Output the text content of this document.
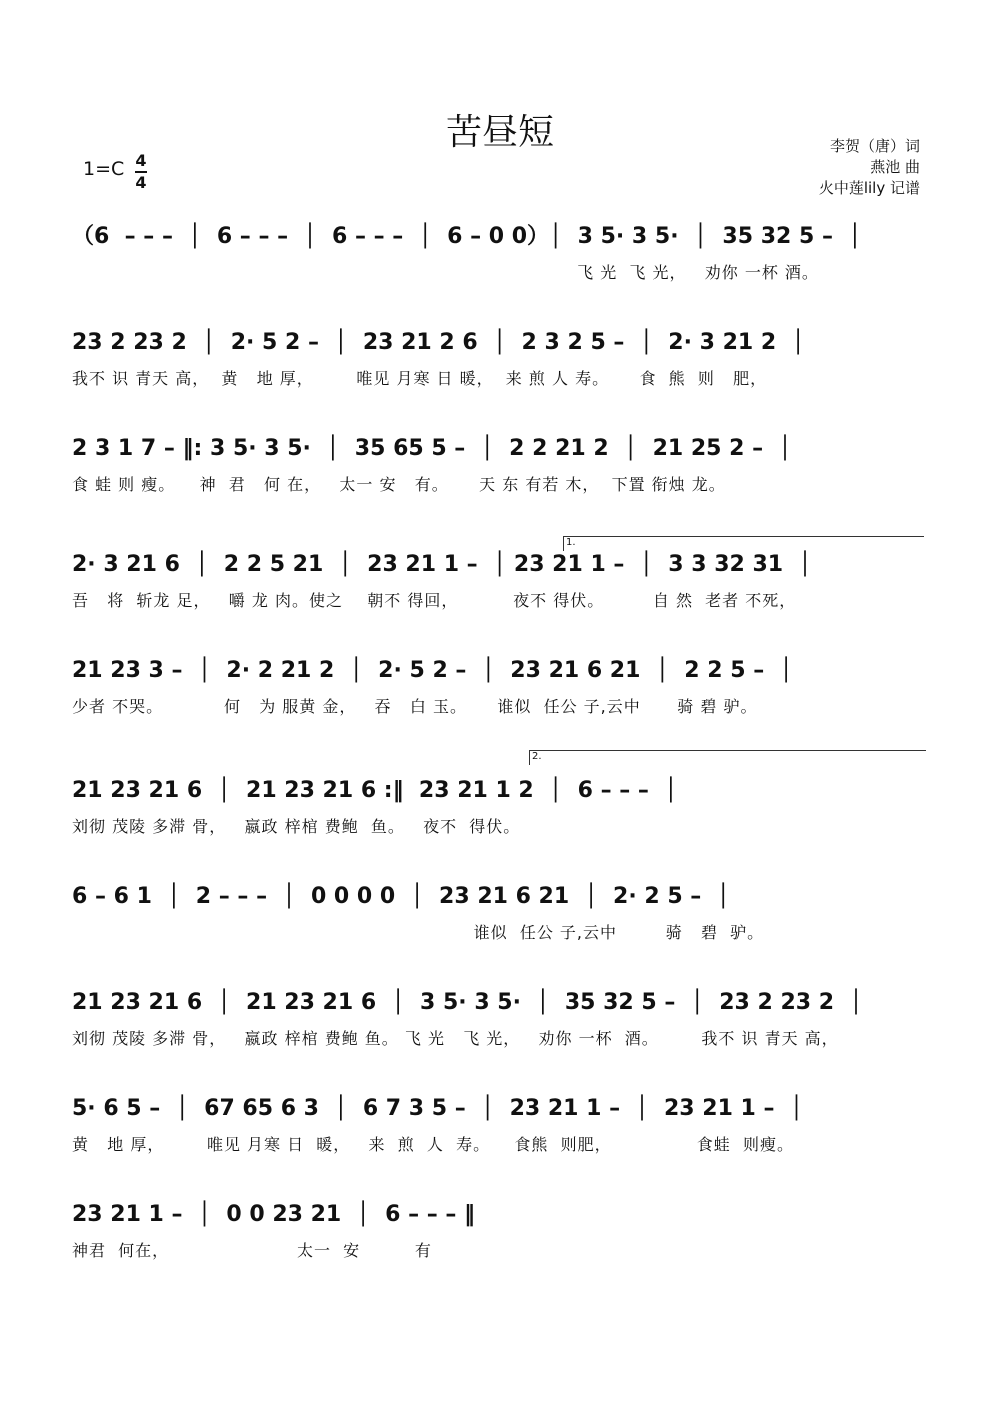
苦昼短	李贺（唐）词
燕池 曲
火中莲lily 记谱
1=C 4
4
1.
2.
（6  – – –  │  6 – – –  │  6 – – –  │  6 – 0 0）│  3 5· 3 5·  │  35 32 5 –  │
飞 光  飞 光，   劝你 一杯 酒。
23 2 23 2  │  2· 5 2 –  │  23 21 2 6  │  2 3 2 5 –  │  2· 3 21 2  │
我不 识 青天 高，  黄   地 厚，       唯见 月寒 日 暖，  来 煎 人 寿。     食  熊  则   肥，
2 3 1 7 – ‖: 3 5· 3 5·  │  35 65 5 –  │  2 2 21 2  │  21 25 2 –  │
食 蛙 则 瘦。    神  君   何 在，   太一 安   有。     天 东 有若 木，  下置 衔烛 龙。
2· 3 21 6  │  2 2 5 21  │  23 21 1 –  │ 23 21 1 –  │  3 3 32 31  │
吾   将  斩龙 足，   嚼 龙 肉。使之    朝不 得回，         夜不 得伏。        自 然  老者 不死，
21 23 3 –  │  2· 2 21 2  │  2· 5 2 –  │  23 21 6 21  │  2 2 5 –  │
少者 不哭。          何   为 服黄 金，   吞   白 玉。     谁似  任公 子,云中      骑 碧 驴。
21 23 21 6  │  21 23 21 6 :‖  23 21 1 2  │  6 – – –  │
刘彻 茂陵 多滞 骨，   嬴政 梓棺 费鲍  鱼。   夜不  得伏。
6 – 6 1  │  2 – – –  │  0 0 0 0  │  23 21 6 21  │  2· 2 5 –  │
谁似  任公 子,云中        骑   碧  驴。
21 23 21 6  │  21 23 21 6  │  3 5· 3 5·  │  35 32 5 –  │  23 2 23 2  │
刘彻 茂陵 多滞 骨，   嬴政 梓棺 费鲍 鱼。 飞 光   飞 光，   劝你 一杯  酒。       我不 识 青天 高，
5· 6 5 –  │  67 65 6 3  │  6 7 3 5 –  │  23 21 1 –  │  23 21 1 –  │
黄   地 厚，       唯见 月寒 日  暖，   来  煎  人  寿。    食熊  则肥，              食蛙  则瘦。
23 21 1 –  │  0 0 23 21  │  6 – – – ‖
神君  何在，                     太一  安         有
